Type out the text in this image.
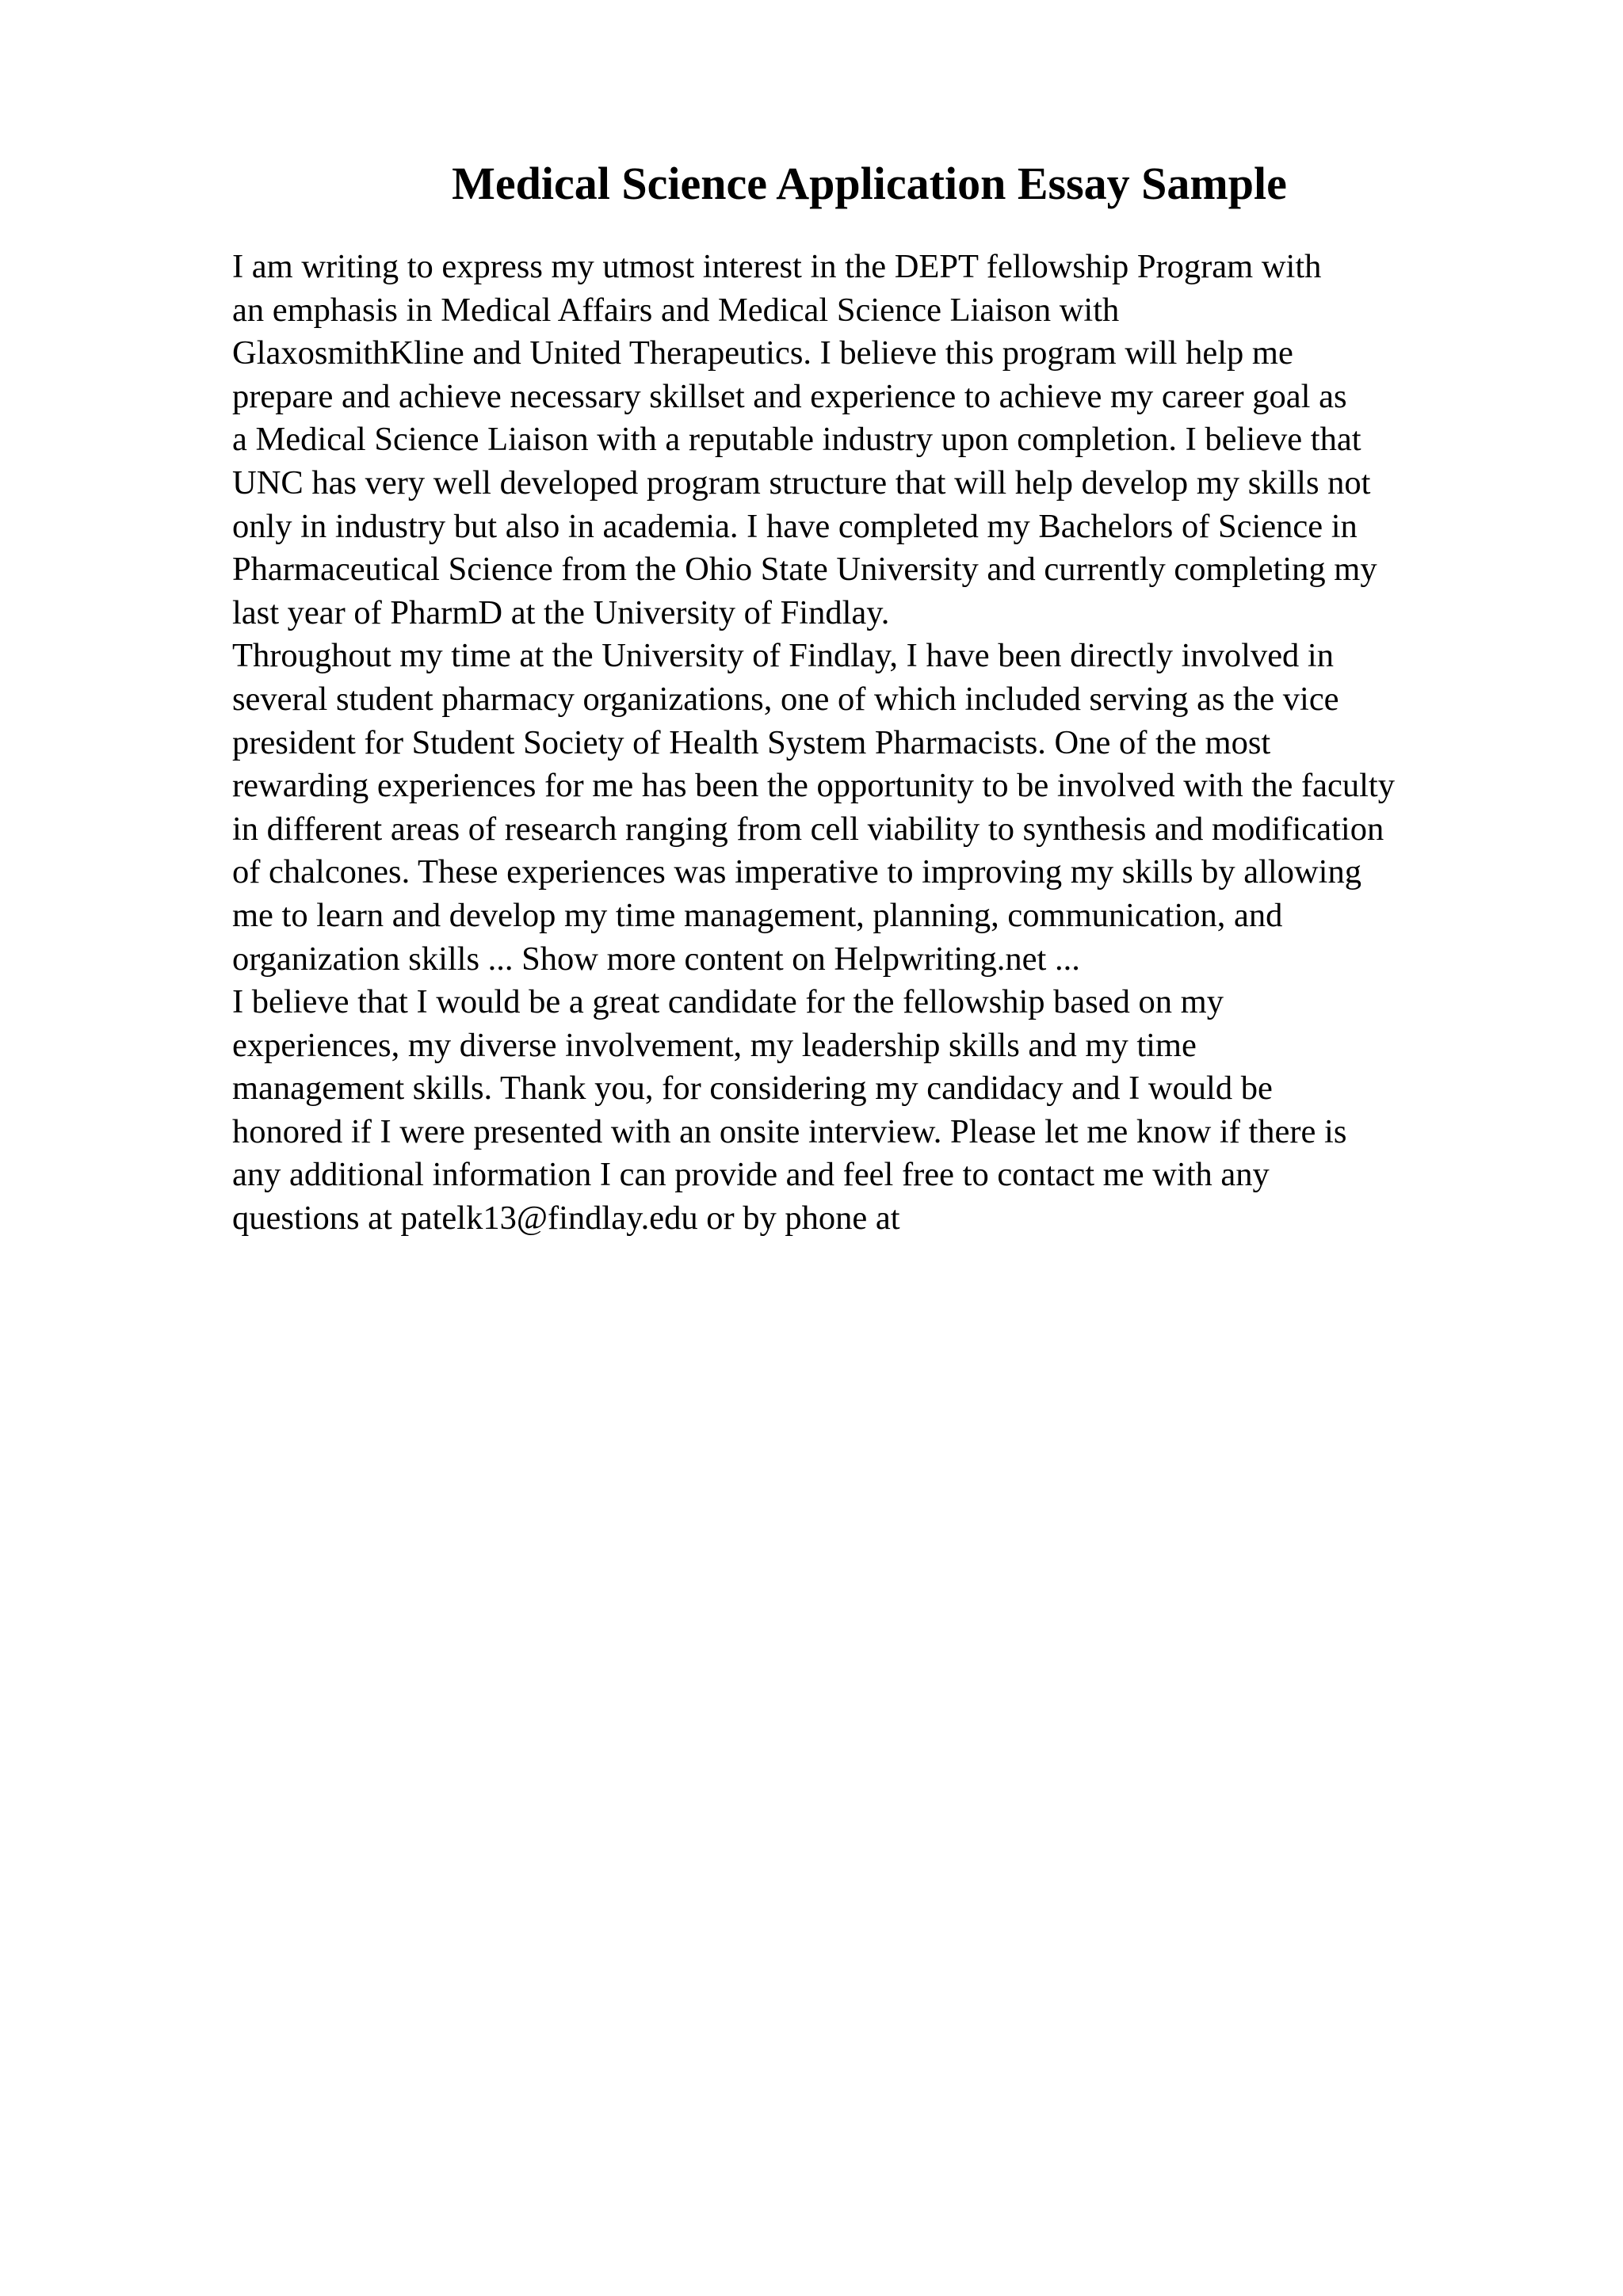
Medical Science Application Essay Sample
I am writing to express my utmost interest in the DEPT fellowship Program with
an emphasis in Medical Affairs and Medical Science Liaison with
GlaxosmithKline and United Therapeutics. I believe this program will help me
prepare and achieve necessary skillset and experience to achieve my career goal as
a Medical Science Liaison with a reputable industry upon completion. I believe that
UNC has very well developed program structure that will help develop my skills not
only in industry but also in academia. I have completed my Bachelors of Science in
Pharmaceutical Science from the Ohio State University and currently completing my
last year of PharmD at the University of Findlay.
Throughout my time at the University of Findlay, I have been directly involved in
several student pharmacy organizations, one of which included serving as the vice
president for Student Society of Health System Pharmacists. One of the most
rewarding experiences for me has been the opportunity to be involved with the faculty
in different areas of research ranging from cell viability to synthesis and modification
of chalcones. These experiences was imperative to improving my skills by allowing
me to learn and develop my time management, planning, communication, and
organization skills ... Show more content on Helpwriting.net ...
I believe that I would be a great candidate for the fellowship based on my
experiences, my diverse involvement, my leadership skills and my time
management skills. Thank you, for considering my candidacy and I would be
honored if I were presented with an onsite interview. Please let me know if there is
any additional information I can provide and feel free to contact me with any
questions at patelk13@findlay.edu or by phone at
